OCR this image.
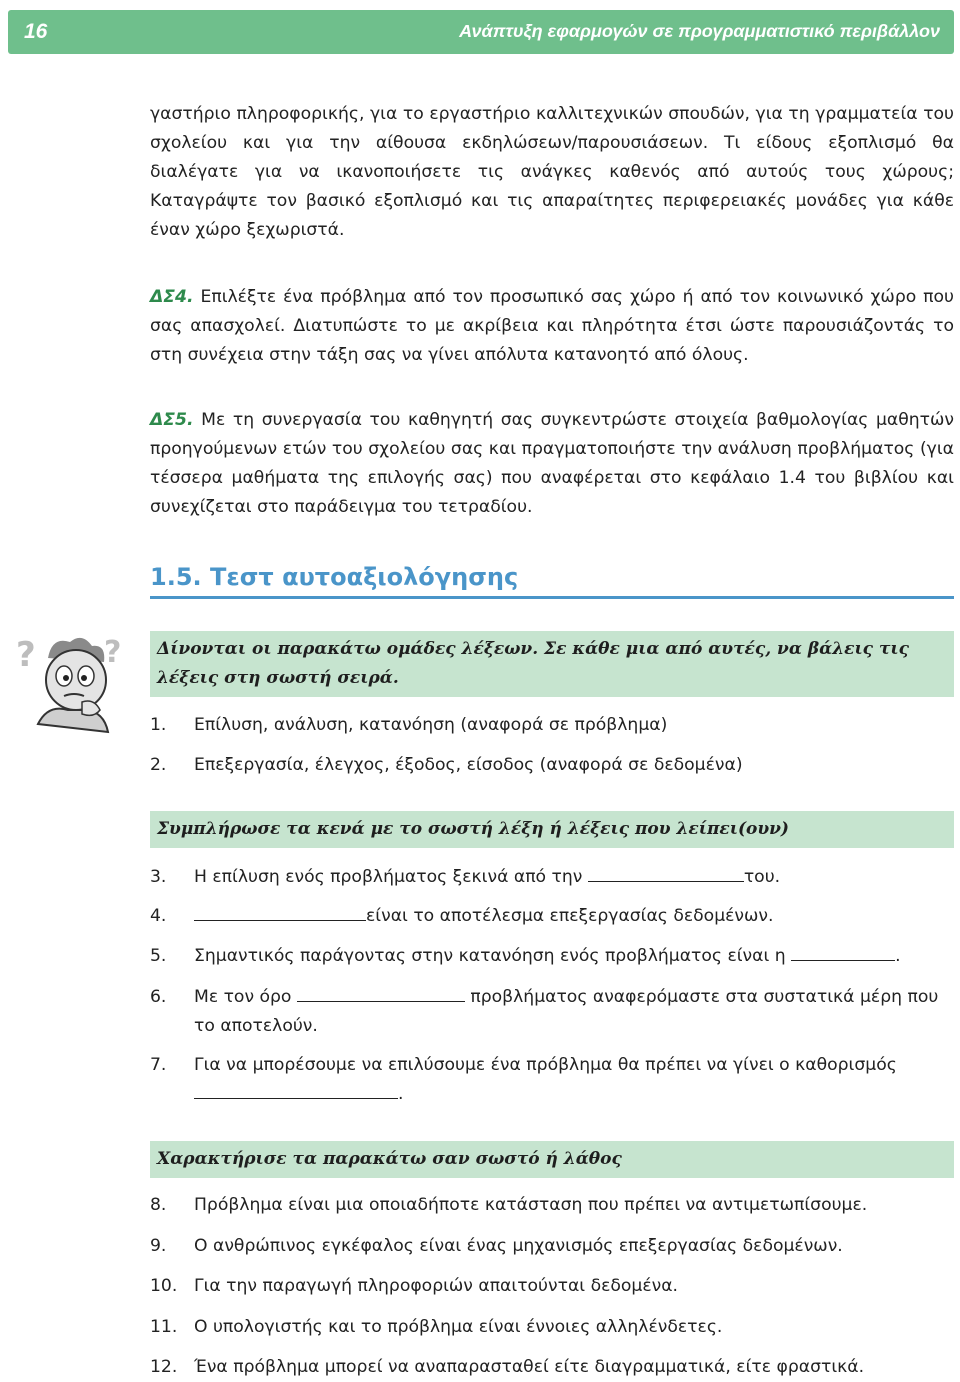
16	Ανάπτυξη εφαρμογών σε προγραμματιστικό περιβάλλον

γαστήριο πληροφορικής, για το εργαστήριο καλλιτεχνικών σπουδών, για τη γραμματεία του σχολείου και για την αίθουσα εκδηλώσεων/παρουσιάσεων. Τι είδους εξοπλισμό θα διαλέγατε για να ικανοποιήσετε τις ανάγκες καθενός από αυτούς τους χώρους; Καταγράψτε τον βασικό εξοπλισμό και τις απαραίτητες περιφερειακές μονάδες για κάθε έναν χώρο ξεχωριστά.

ΔΣ4. Επιλέξτε ένα πρόβλημα από τον προσωπικό σας χώρο ή από τον κοινωνικό χώρο που σας απασχολεί. Διατυπώστε το με ακρίβεια και πληρότητα έτσι ώστε παρουσιάζοντάς το στη συνέχεια στην τάξη σας να γίνει απόλυτα κατανοητό από όλους.

ΔΣ5. Με τη συνεργασία του καθηγητή σας συγκεντρώστε στοιχεία βαθμολογίας μαθητών προηγούμενων ετών του σχολείου σας και πραγματοποιήστε την ανάλυση προβλήματος (για τέσσερα μαθήματα της επιλογής σας) που αναφέρεται στο κεφάλαιο 1.4 του βιβλίου και συνεχίζεται στο παράδειγμα του τετραδίου.

1.5. Τεστ αυτοαξιολόγησης
? ?	Δίνονται οι παρακάτω ομάδες λέξεων. Σε κάθε μια από αυτές, να βάλεις τις λέξεις στη σωστή σειρά.
1. Επίλυση, ανάλυση, κατανόηση (αναφορά σε πρόβλημα)
2. Επεξεργασία, έλεγχος, έξοδος, είσοδος (αναφορά σε δεδομένα)
Συμπλήρωσε τα κενά με το σωστή λέξη ή λέξεις που λείπει(ουν)
3. Η επίλυση ενός προβλήματος ξεκινά από την	του.
4.	είναι το αποτέλεσμα επεξεργασίας δεδομένων.
5. Σημαντικός παράγοντας στην κατανόηση ενός προβλήματος είναι η	.
6. Με τον όρο	προβλήματος αναφερόμαστε στα συστατικά μέρη που το αποτελούν.
7. Για να μπορέσουμε να επιλύσουμε ένα πρόβλημα θα πρέπει να γίνει ο καθορισμός .
Χαρακτήρισε τα παρακάτω σαν σωστό ή λάθος
8. Πρόβλημα είναι μια οποιαδήποτε κατάσταση που πρέπει να αντιμετωπίσουμε.
9. Ο ανθρώπινος εγκέφαλος είναι ένας μηχανισμός επεξεργασίας δεδομένων.
10. Για την παραγωγή πληροφοριών απαιτούνται δεδομένα.
11. Ο υπολογιστής και το πρόβλημα είναι έννοιες αλληλένδετες.
12. Ένα πρόβλημα μπορεί να αναπαρασταθεί είτε διαγραμματικά, είτε φραστικά.
